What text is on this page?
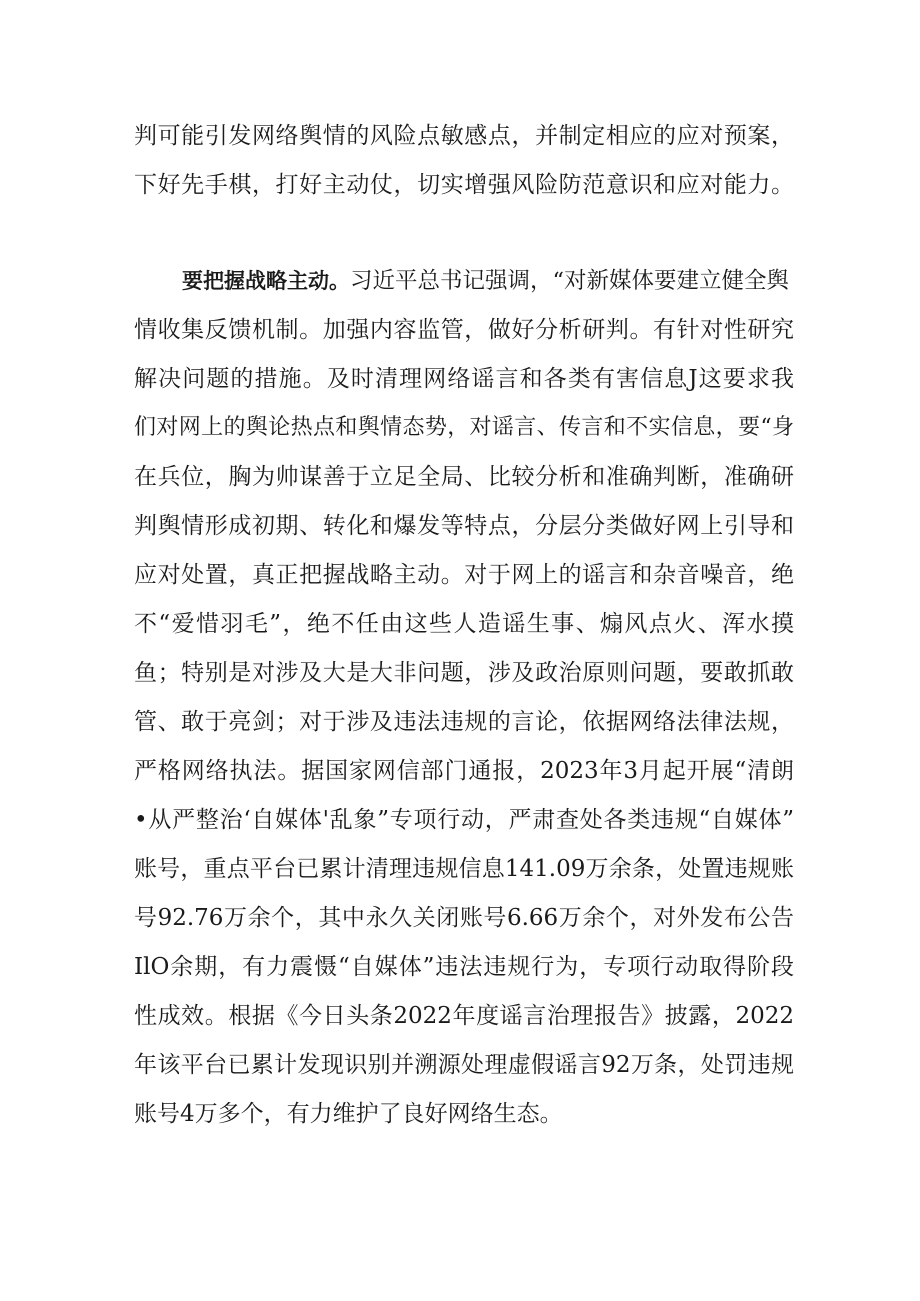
判可能引发网络舆情的风险点敏感点，并制定相应的应对预案，
下好先手棋，打好主动仗，切实增强风险防范意识和应对能力。
要把握战略主动。习近平总书记强调，“对新媒体要建立健全舆
情收集反馈机制。加强内容监管，做好分析研判。有针对性研究
解决问题的措施。及时清理网络谣言和各类有害信息J这要求我
们对网上的舆论热点和舆情态势，对谣言、传言和不实信息，要“身
在兵位，胸为帅谋善于立足全局、比较分析和准确判断，准确研
判舆情形成初期、转化和爆发等特点，分层分类做好网上引导和
应对处置，真正把握战略主动。对于网上的谣言和杂音噪音，绝
不“爱惜羽毛”，绝不任由这些人造谣生事、煽风点火、浑水摸
鱼；特别是对涉及大是大非问题，涉及政治原则问题，要敢抓敢
管、敢于亮剑；对于涉及违法违规的言论，依据网络法律法规，
严格网络执法。据国家网信部门通报，2023年3月起开展“清朗
•从严整治‘自媒体'乱象”专项行动，严肃查处各类违规“自媒体”
账号，重点平台已累计清理违规信息141.09万余条，处置违规账
号92.76万余个，其中永久关闭账号6.66万余个，对外发布公告
IlO余期，有力震慑“自媒体”违法违规行为，专项行动取得阶段
性成效。根据《今日头条2022年度谣言治理报告》披露，2022
年该平台已累计发现识别并溯源处理虚假谣言92万条，处罚违规
账号4万多个，有力维护了良好网络生态。
